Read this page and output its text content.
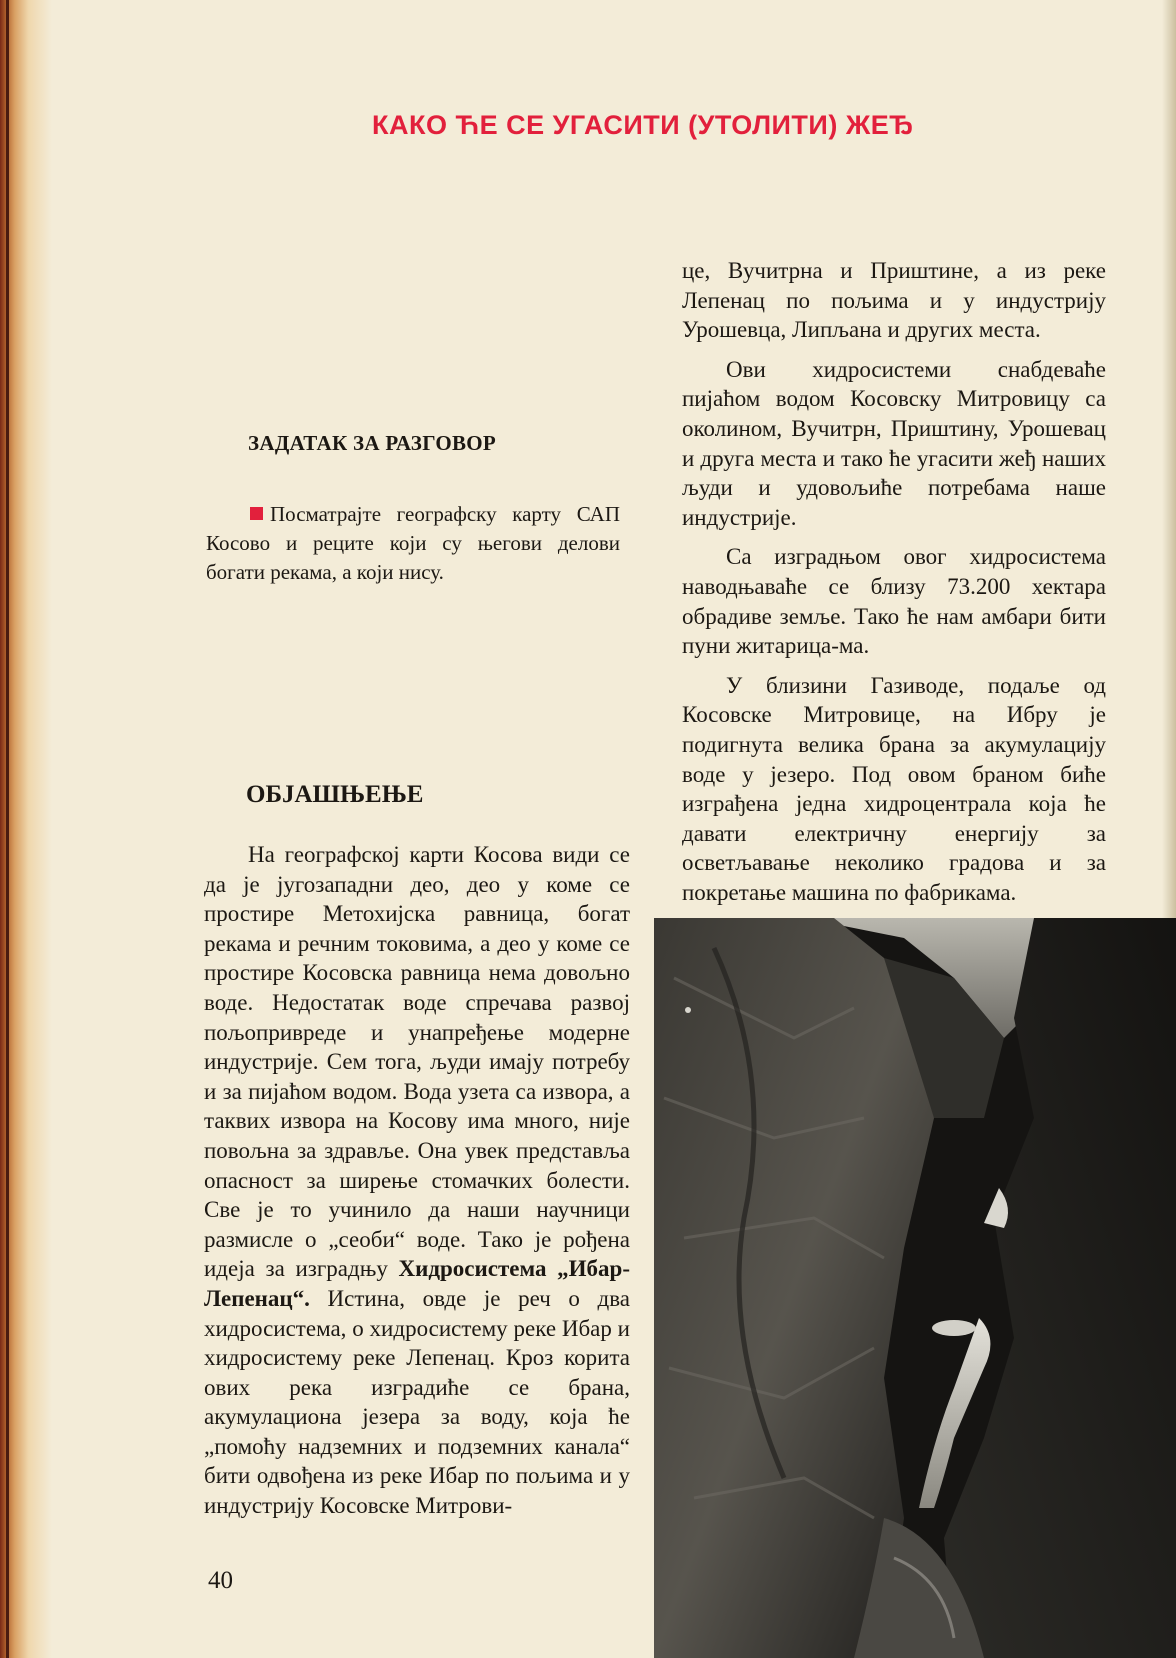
КАКО ЋЕ СЕ УГАСИТИ (УТОЛИТИ) ЖЕЂ
ЗАДАТАК ЗА РАЗГОВОР
Посматрајте географску карту САП Косово и реците који су његови делови богати рекама, а који нису.
ОБЈАШЊЕЊЕ

На географској карти Косова види се да је југозападни део, део у коме се простире Метохијска равница, богат рекама и речним токовима, а део у коме се простире Косовска равница нема довољно воде. Недостатак воде спречава развој пољопривреде и унапређење модерне индустрије. Сем тога, људи имају потребу и за пијаћом водом. Вода узета са извора, а таквих извора на Косову има много, није повољна за здравље. Она увек представља опасност за ширење стомачких болести. Све је то учинило да наши научници размисле о „сеоби“ воде. Тако је рођена идеја за изградњу Хидросистема „Ибар-Лепенац“. Истина, овде је реч о два хидросистема, о хидросистему реке Ибар и хидросистему реке Лепенац. Кроз корита ових река изградиће се брана, акумулациона језера за воду, која ће „помоћу надземних и подземних канала“ бити одвођена из реке Ибар по пољима и у индустрију Косовске Митрови-

це, Вучитрна и Приштине, а из реке Лепенац по пољима и у индустрију Урошевца, Липљана и других места.

Ови хидросистеми снабдеваће пијаћом водом Косовску Митровицу са околином, Вучитрн, Приштину, Урошевац и друга места и тако ће угасити жеђ наших људи и удовољиће потребама наше индустрије.

Са изградњом овог хидросистема наводњаваће се близу 73.200 хектара обрадиве земље. Тако ће нам амбари бити пуни житарица-ма.

У близини Газиводе, подаље од Косовске Митровице, на Ибру је подигнута велика брана за акумулацију воде у језеро. Под овом браном биће изграђена једна хидроцентрала која ће давати електричну енергију за осветљавање неколико градова и за покретање машина по фабрикама.

40
